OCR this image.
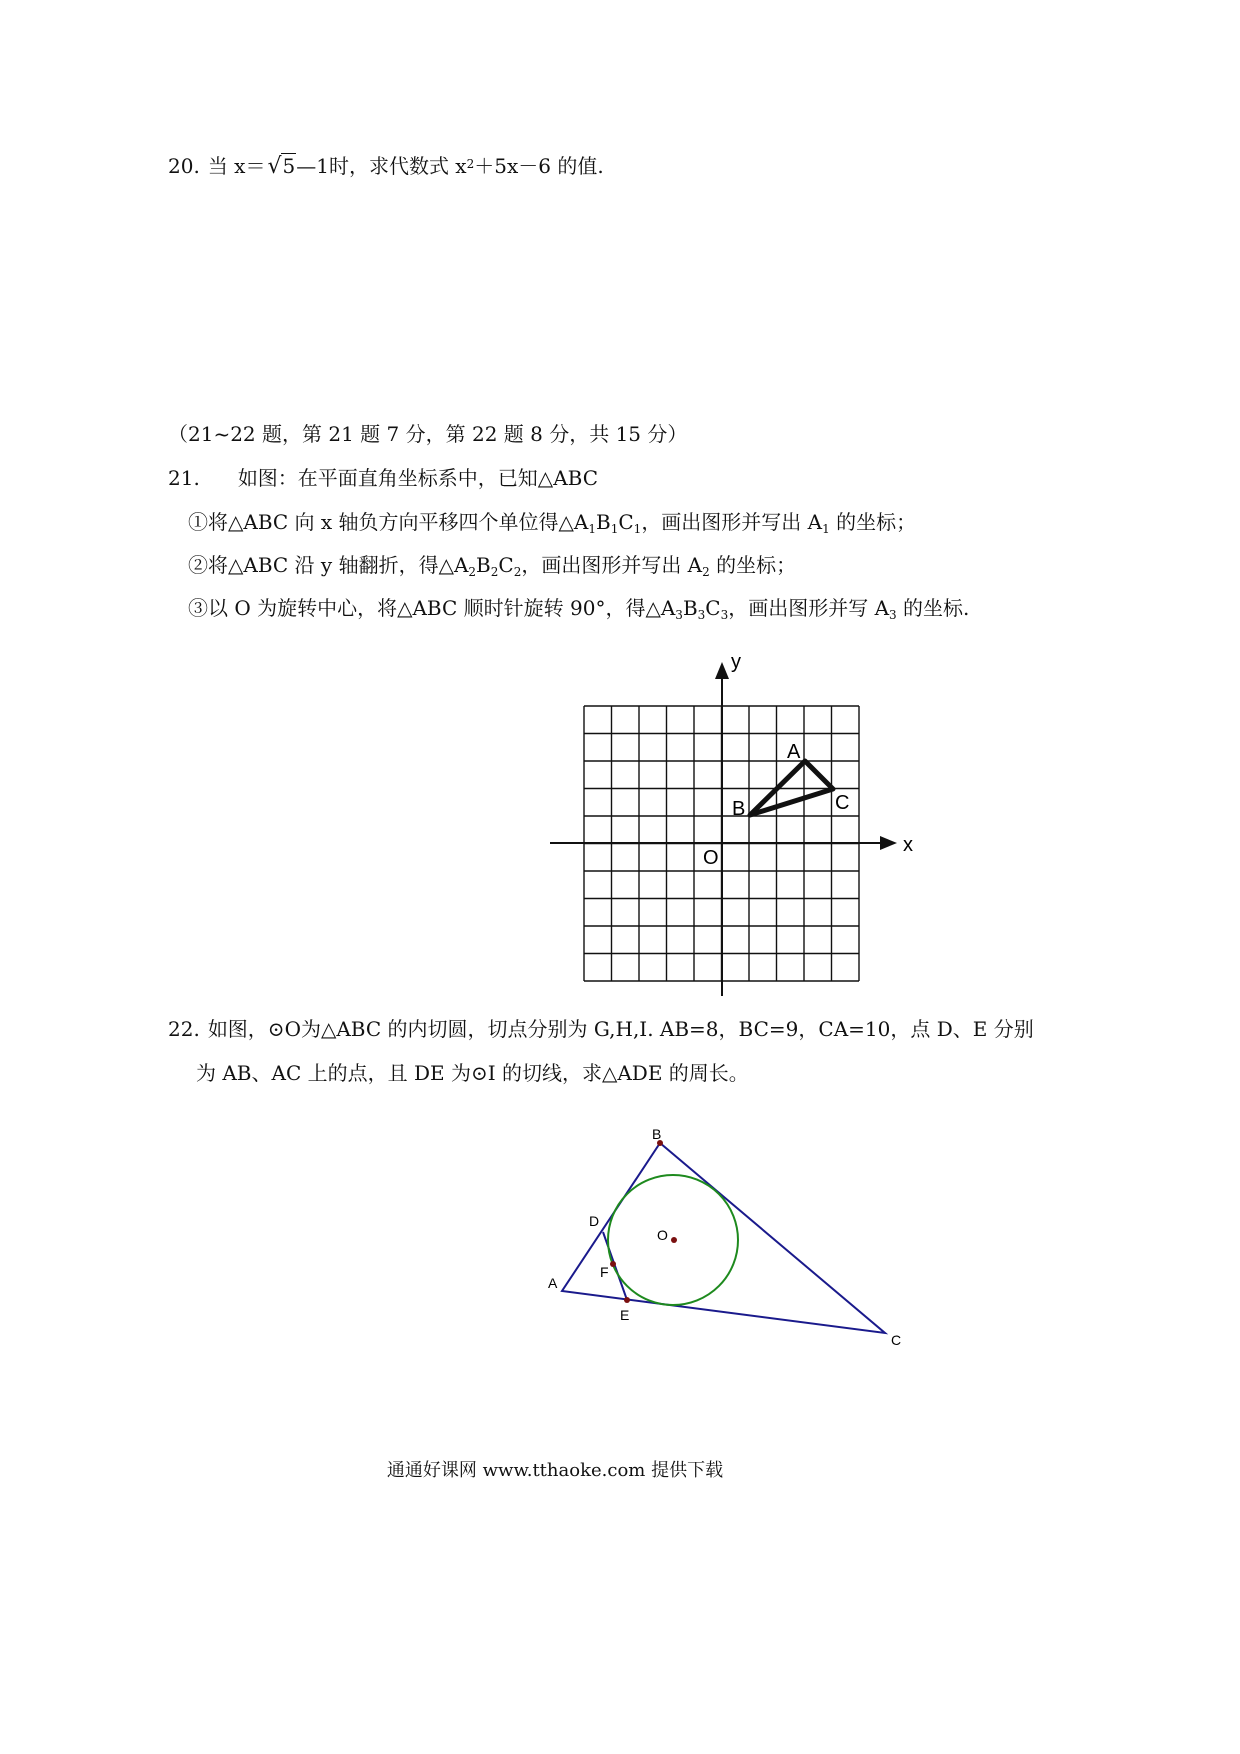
20. 当 x＝√5—1时，求代数式 $x^2+5x-6$ 的值.
（21~22 题，第 21 题 7 分，第 22 题 8 分，共 15 分）
21. 如图：在平面直角坐标系中，已知△ABC
①将△ABC 向 x 轴负方向平移四个单位得$\triangle A_1B_1C_1$，画出图形并写出 $A_1$ 的坐标；
②将△ABC 沿 y 轴翻折，得$\triangle A_2B_2C_2$，画出图形并写出 $A_2$ 的坐标；
③以 O 为旋转中心，将△ABC 顺时针旋转 90°，得$\triangle A_3B_3C_3$，画出图形并写 $A_3$ 的坐标.
x
y
O
A
B	C
22. 如图，⊙O为△ABC 的内切圆，切点分别为 G,H,I. AB=8，BC=9，CA=10，点 D、E 分别
为 AB、AC 上的点，且 DE 为⊙I 的切线，求△ADE 的周长。
B
A
C
D
E
F
O
通通好课网 www.tthaoke.com 提供下载
